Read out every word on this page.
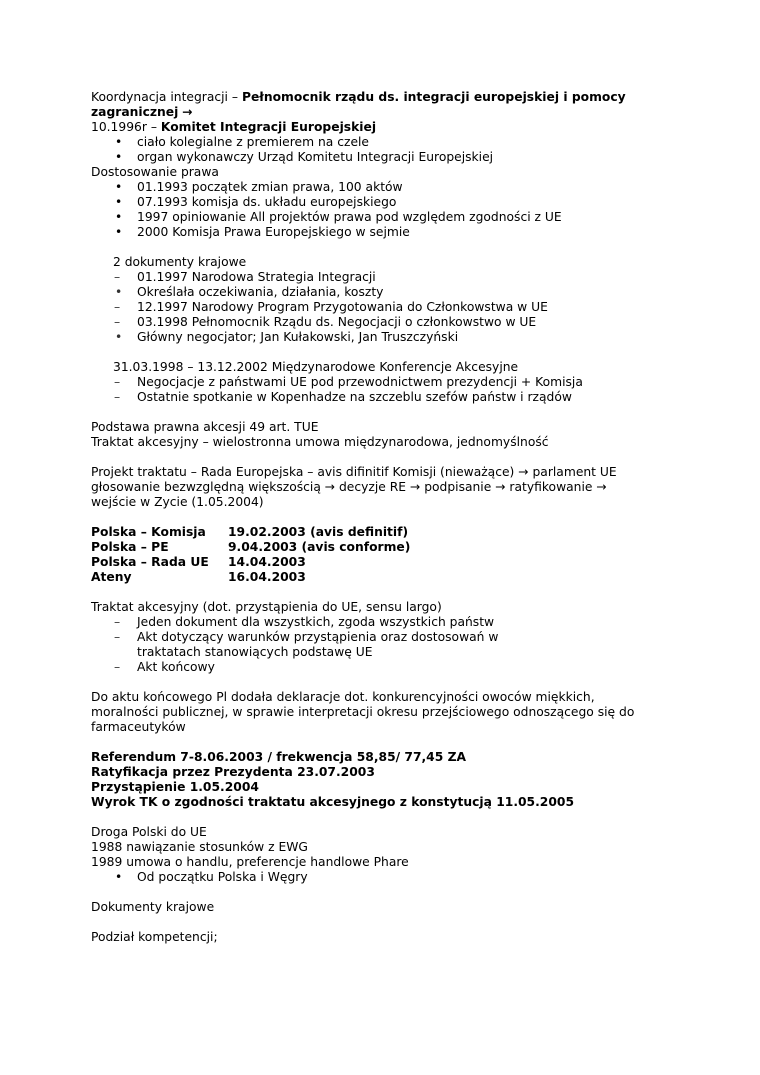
Koordynacja integracji – Pełnomocnik rządu ds. integracji europejskiej i pomocy zagranicznej →

10.1996r – Komitet Integracji Europejskiej

• ciało kolegialne z premierem na czele
• organ wykonawczy Urząd Komitetu Integracji Europejskiej

Dostosowanie prawa

• 01.1993 początek zmian prawa, 100 aktów
• 07.1993 komisja ds. układu europejskiego
• 1997 opiniowanie All projektów prawa pod względem zgodności z UE
• 2000 Komisja Prawa Europejskiego w sejmie

2 dokumenty krajowe

– 01.1997 Narodowa Strategia Integracji
• Określała oczekiwania, działania, koszty
– 12.1997 Narodowy Program Przygotowania do Członkowstwa w UE
– 03.1998 Pełnomocnik Rządu ds. Negocjacji o członkowstwo w UE
• Główny negocjator; Jan Kułakowski, Jan Truszczyński

31.03.1998 – 13.12.2002 Międzynarodowe Konferencje Akcesyjne

– Negocjacje z państwami UE pod przewodnictwem prezydencji + Komisja
– Ostatnie spotkanie w Kopenhadze na szczeblu szefów państw i rządów

Podstawa prawna akcesji 49 art. TUE

Traktat akcesyjny – wielostronna umowa międzynarodowa, jednomyślność

Projekt traktatu – Rada Europejska – avis difinitif Komisji (nieważące) → parlament UE
głosowanie bezwzględną większością → decyzje RE → podpisanie → ratyfikowanie →
wejście w Zycie (1.05.2004)

Polska – Komisja	19.02.2003 (avis definitif)
Polska – PE	9.04.2003 (avis conforme)
Polska – Rada UE	14.04.2003
Ateny	16.04.2003

Traktat akcesyjny (dot. przystąpienia do UE, sensu largo)

– Jeden dokument dla wszystkich, zgoda wszystkich państw
– Akt dotyczący warunków przystąpienia oraz dostosowań w traktatach stanowiących podstawę UE
– Akt końcowy

Do aktu końcowego Pl dodała deklaracje dot. konkurencyjności owoców miękkich, moralności publicznej, w sprawie interpretacji okresu przejściowego odnoszącego się do farmaceutyków

Referendum 7-8.06.2003 / frekwencja 58,85/ 77,45 ZA

Ratyfikacja przez Prezydenta 23.07.2003

Przystąpienie 1.05.2004

Wyrok TK o zgodności traktatu akcesyjnego z konstytucją 11.05.2005

Droga Polski do UE

1988 nawiązanie stosunków z EWG

1989 umowa o handlu, preferencje handlowe Phare

• Od początku Polska i Węgry

Dokumenty krajowe

Podział kompetencji;
